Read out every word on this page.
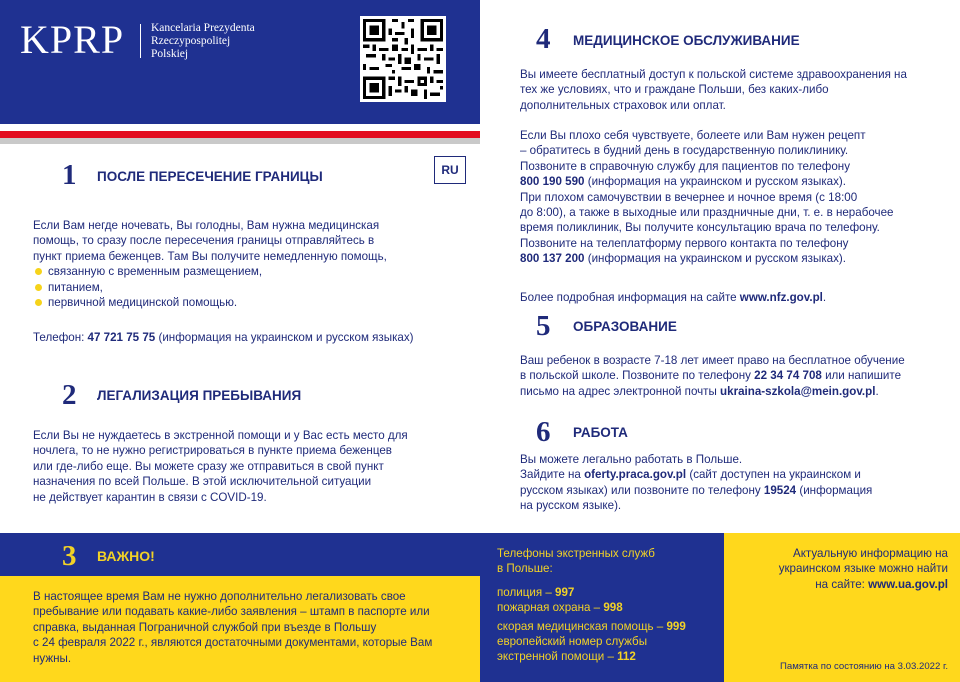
KPRP Kancelaria Prezydenta
Rzeczypospolitej
Polskiej
1 ПОСЛЕ ПЕРЕСЕЧЕНИЕ ГРАНИЦЫ	RU
Если Вам негде ночевать, Вы голодны, Вам нужна медицинская
помощь, то сразу после пересечения границы отправляйтесь в
пункт приема беженцев. Там Вы получите немедленную помощь,
связанную с временным размещением,
питанием,
первичной медицинской помощью.
Телефон: 47 721 75 75 (информация на украинском и русском языках)
2 ЛЕГАЛИЗАЦИЯ ПРЕБЫВАНИЯ
Если Вы не нуждаетесь в экстренной помощи и у Вас есть место для
ночлега, то не нужно регистрироваться в пункте приема беженцев
или где-либо еще. Вы можете сразу же отправиться в свой пункт
назначения по всей Польше. В этой исключительной ситуации
не действует карантин в связи с COVID-19.
4 МЕДИЦИНСКОЕ ОБСЛУЖИВАНИЕ
Вы имеете бесплатный доступ к польской системе здравоохранения на
тех же условиях, что и граждане Польши, без каких-либо
дополнительных страховок или оплат.
Если Вы плохо себя чувствуете, болеете или Вам нужен рецепт
– обратитесь в будний день в государственную поликлинику.
Позвоните в справочную службу для пациентов по телефону
800 190 590 (информация на украинском и русском языках).
При плохом самочувствии в вечернее и ночное время (с 18:00
до 8:00), а также в выходные или праздничные дни, т. е. в нерабочее
время поликлиник, Вы получите консультацию врача по телефону.
Позвоните на телеплатформу первого контакта по телефону
800 137 200 (информация на украинском и русском языках).
Более подробная информация на сайте www.nfz.gov.pl.
5 ОБРАЗОВАНИЕ
Ваш ребенок в возрасте 7-18 лет имеет право на бесплатное обучение
в польской школе. Позвоните по телефону 22 34 74 708 или напишите
письмо на адрес электронной почты ukraina-szkola@mein.gov.pl.
6 РАБОТА
Вы можете легально работать в Польше.
Зайдите на oferty.praca.gov.pl (сайт доступен на украинском и
русском языках) или позвоните по телефону 19524 (информация
на русском языке).
3 ВАЖНО!
В настоящее время Вам не нужно дополнительно легализовать свое
пребывание или подавать какие-либо заявления – штамп в паспорте или
справка, выданная Пограничной службой при въезде в Польшу
с 24 февраля 2022 г., являются достаточными документами, которые Вам
нужны.
Телефоны экстренных служб
в Польше:
полиция – 997
пожарная охрана – 998
скорая медицинская помощь – 999
европейский номер службы
экстренной помощи – 112
Актуальную информацию на
украинском языке можно найти
на сайте: www.ua.gov.pl
Памятка по состоянию на 3.03.2022 г.
